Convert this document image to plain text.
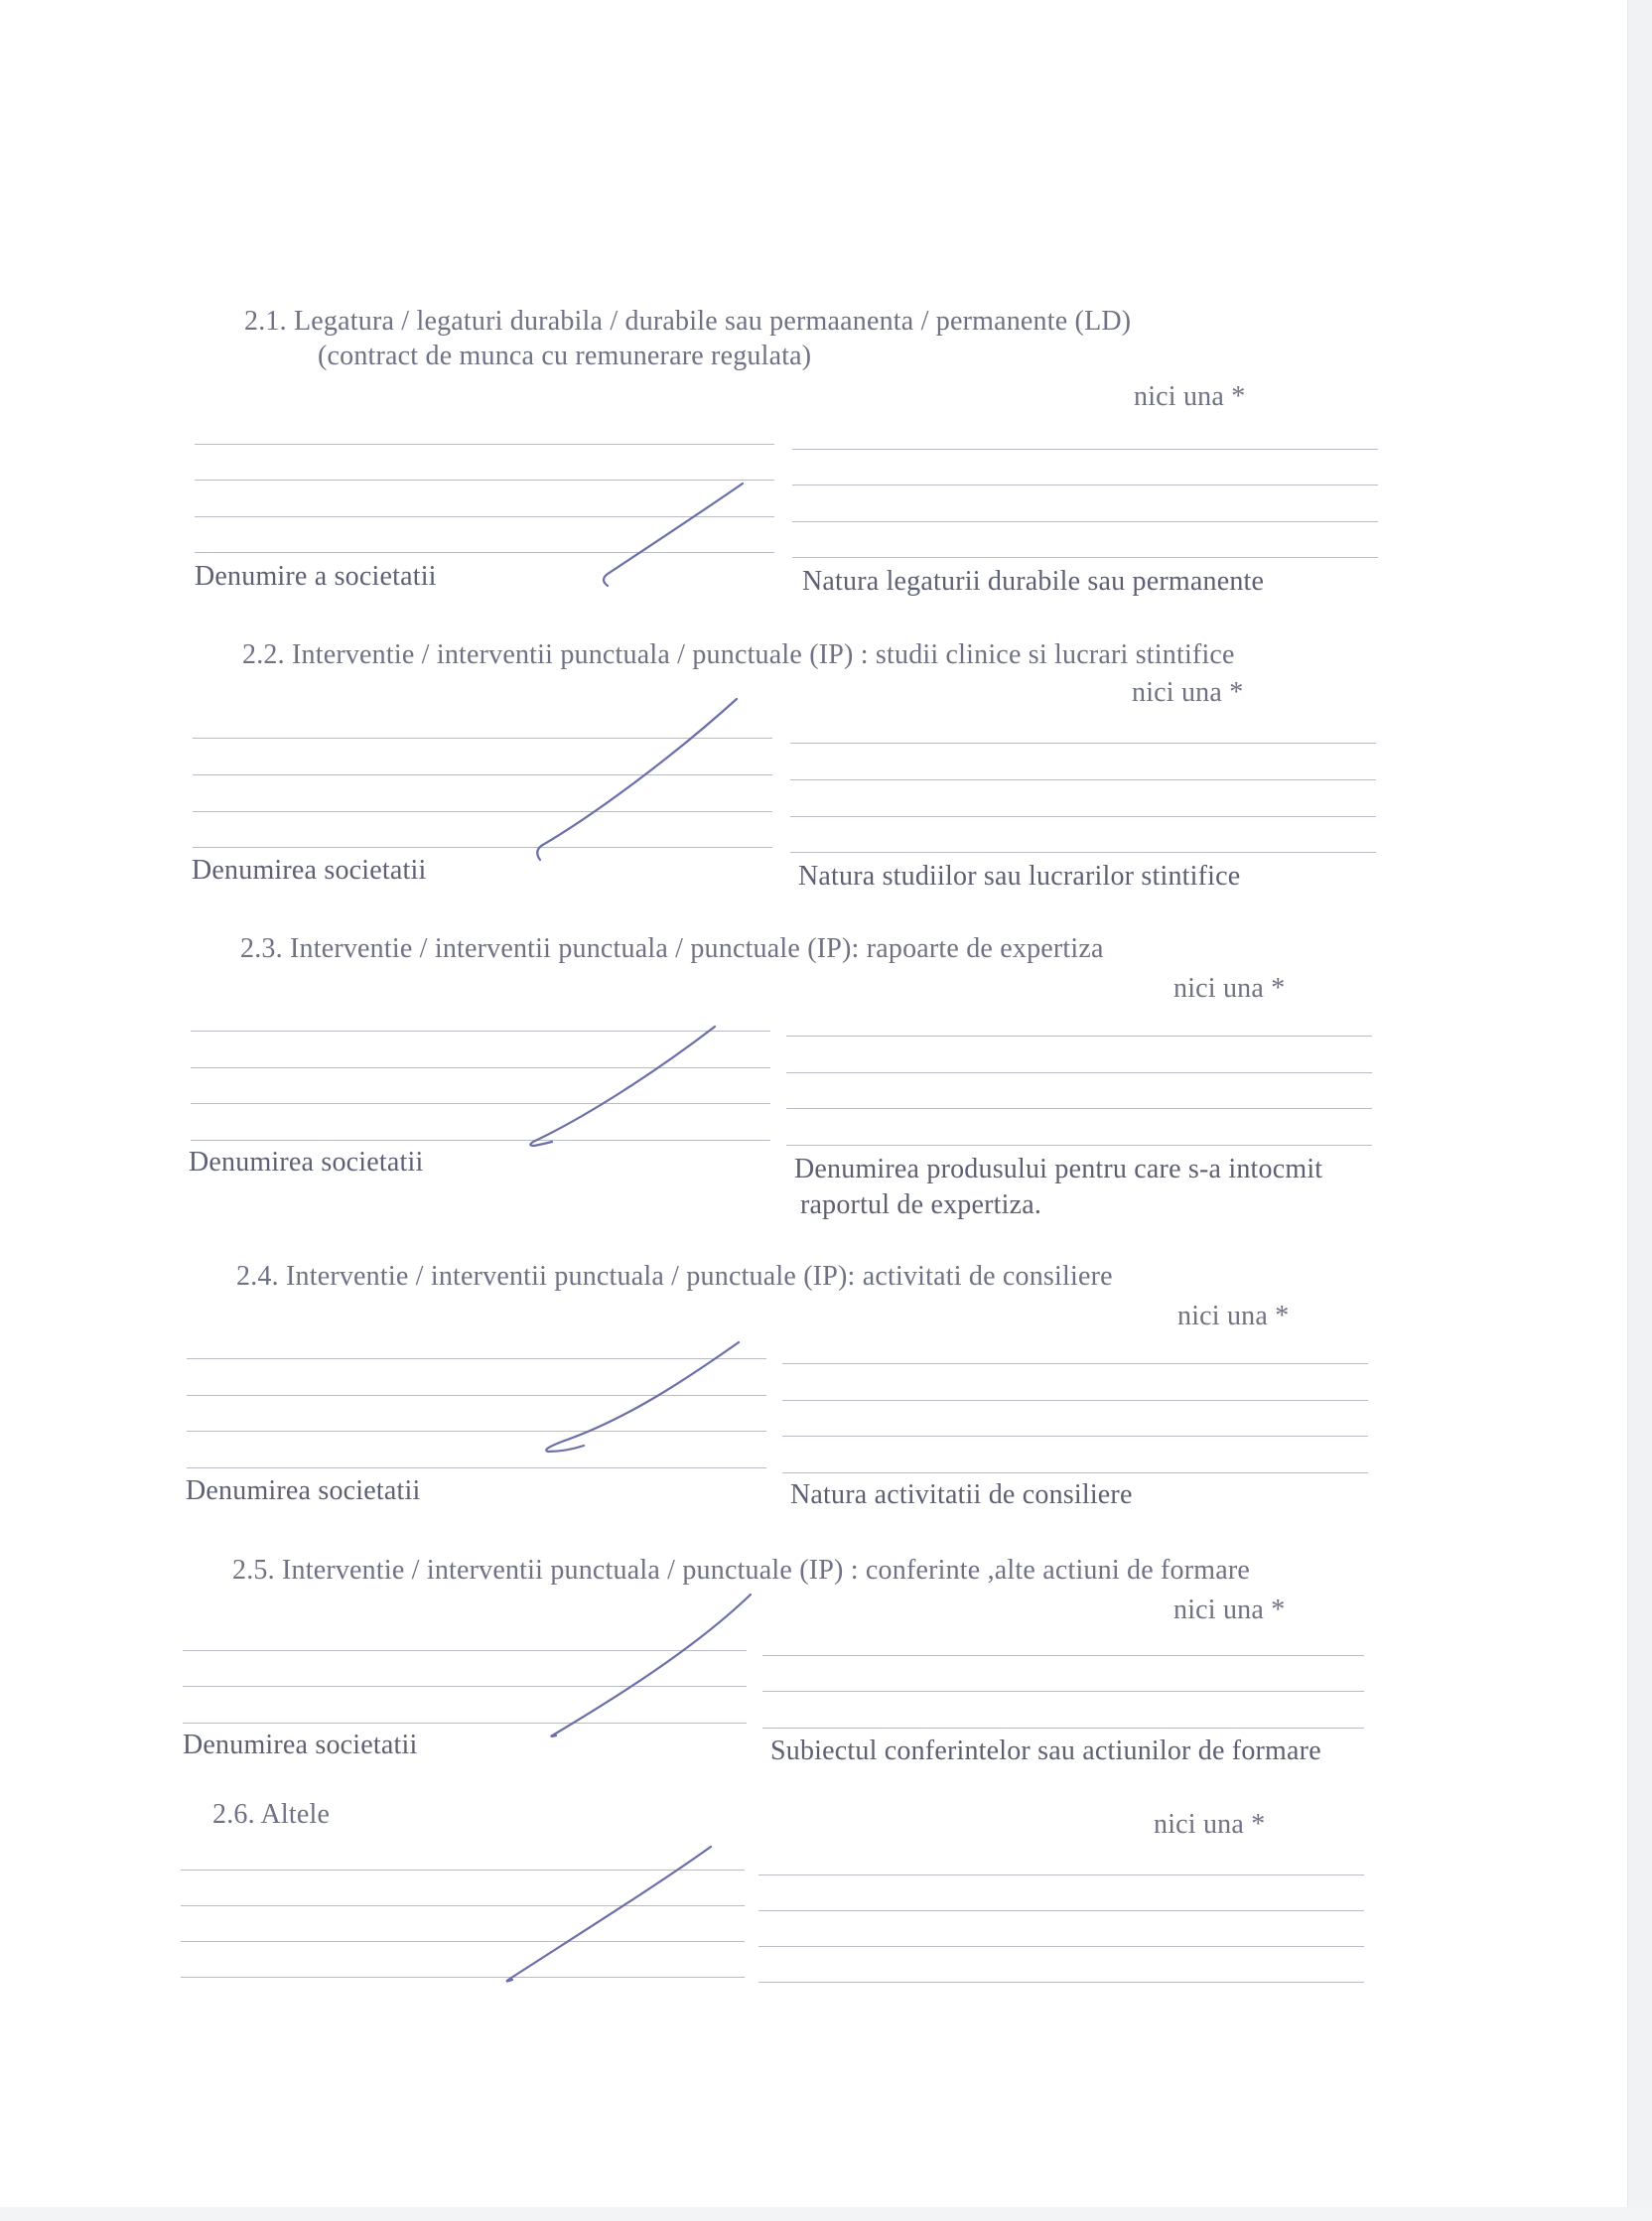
2.1. Legatura / legaturi durabila / durabile sau permaanenta / permanente (LD)
(contract de munca cu remunerare regulata)
nici una *
Denumire a societatii	Natura legaturii durabile sau permanente
2.2. Interventie / interventii punctuala / punctuale (IP) : studii clinice si lucrari stintifice
nici una *
Denumirea societatii	Natura studiilor sau lucrarilor stintifice
2.3. Interventie / interventii punctuala / punctuale (IP): rapoarte de expertiza
nici una *
Denumirea societatii	Denumirea produsului pentru care s-a intocmit
raportul de expertiza.
2.4. Interventie / interventii punctuala / punctuale (IP): activitati de consiliere
nici una *
Denumirea societatii	Natura activitatii de consiliere
2.5. Interventie / interventii punctuala / punctuale (IP) : conferinte ,alte actiuni de formare
nici una *
Denumirea societatii	Subiectul conferintelor sau actiunilor de formare
2.6. Altele	nici una *
